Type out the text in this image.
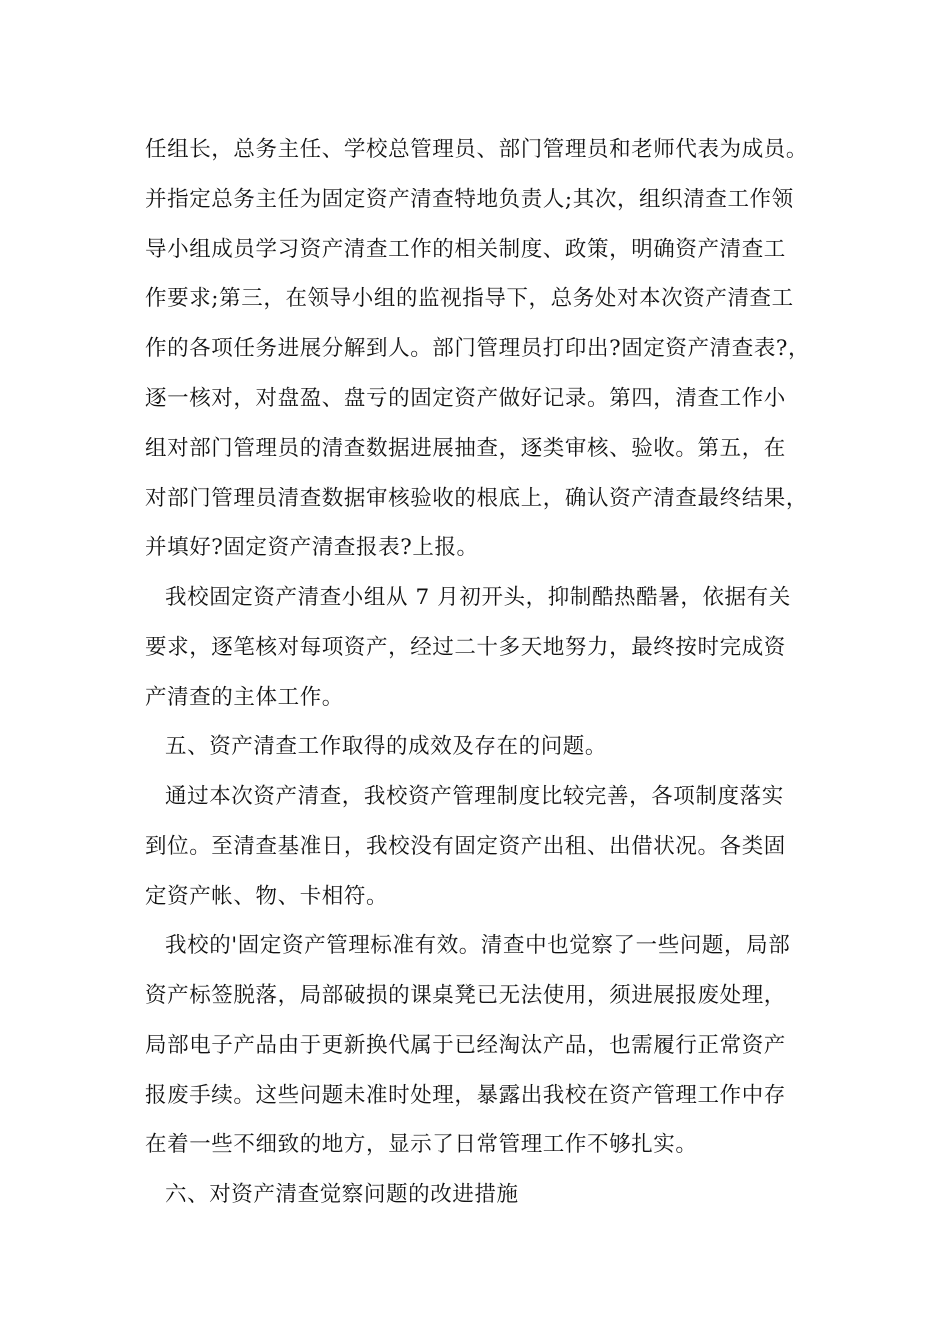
任组长，总务主任、学校总管理员、部门管理员和老师代表为成员。
并指定总务主任为固定资产清查特地负责人;其次，组织清查工作领
导小组成员学习资产清查工作的相关制度、政策，明确资产清查工
作要求;第三，在领导小组的监视指导下，总务处对本次资产清查工
作的各项任务进展分解到人。部门管理员打印出?固定资产清查表?，
逐一核对，对盘盈、盘亏的固定资产做好记录。第四，清查工作小
组对部门管理员的清查数据进展抽查，逐类审核、验收。第五，在
对部门管理员清查数据审核验收的根底上，确认资产清查最终结果，
并填好?固定资产清查报表?上报。
我校固定资产清查小组从 7 月初开头，抑制酷热酷暑，依据有关
要求，逐笔核对每项资产，经过二十多天地努力，最终按时完成资
产清查的主体工作。
五、资产清查工作取得的成效及存在的问题。
通过本次资产清查，我校资产管理制度比较完善，各项制度落实
到位。至清查基准日，我校没有固定资产出租、出借状况。各类固
定资产帐、物、卡相符。
我校的'固定资产管理标准有效。清查中也觉察了一些问题，局部
资产标签脱落，局部破损的课桌凳已无法使用，须进展报废处理，
局部电子产品由于更新换代属于已经淘汰产品，也需履行正常资产
报废手续。这些问题未准时处理，暴露出我校在资产管理工作中存
在着一些不细致的地方，显示了日常管理工作不够扎实。
六、对资产清查觉察问题的改进措施
